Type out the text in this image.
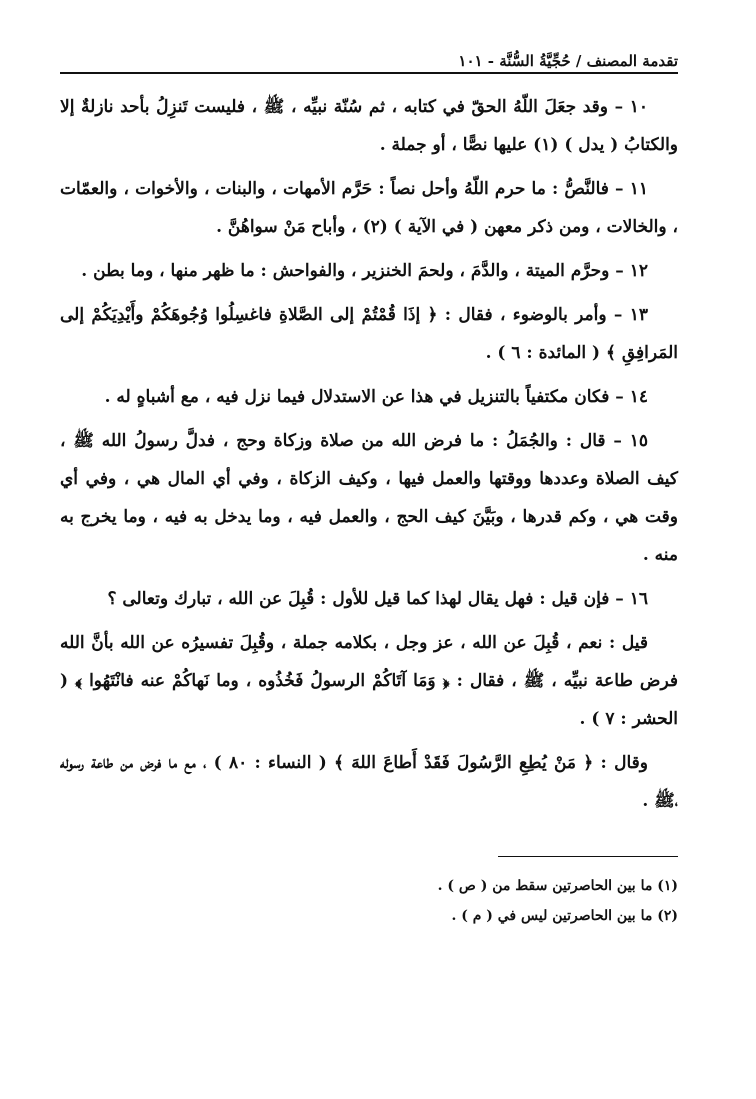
تقدمة المصنف / حُجِّيَّةُ السُّنَّة - ١٠١

١٠ – وقد جعَلَ اللّهُ الحقّ في كتابه ، ثم سُنّة نبيِّه ، ﷺ ، فليست تَنزِلُ بأحد نازلةٌ إلا والكتابُ ( يدل ) (١) عليها نصًّا ، أو جملة .

١١ – فالنَّصُّ : ما حرم اللّهُ وأحل نصاً : حَرَّم الأمهات ، والبنات ، والأخوات ، والعمّات ، والخالات ، ومن ذكر معهن ( في الآية ) (٢) ، وأباح مَنْ سواهُنَّ .

١٢ – وحرَّم الميتة ، والدَّمَ ، ولحمَ الخنزير ، والفواحش : ما ظهر منها ، وما بطن .

١٣ – وأمر بالوضوء ، فقال : ﴿ إذَا قُمْتُمْ إلى الصَّلاةِ فاغسِلُوا وُجُوهَكُمْ وأَيْدِيَكُمْ إلى المَرافِقِ ﴾ ( المائدة : ٦ ) .

١٤ – فكان مكتفياً بالتنزيل في هذا عن الاستدلال فيما نزل فيه ، مع أشباهٍ له .

١٥ – قال : والجُمَلُ : ما فرض الله من صلاة وزكاة وحج ، فدلَّ رسولُ الله ﷺ ، كيف الصلاة وعددها ووقتها والعمل فيها ، وكيف الزكاة ، وفي أي المال هي ، وفي أي وقت هي ، وكم قدرها ، وبَيَّنَ كيف الحج ، والعمل فيه ، وما يدخل به فيه ، وما يخرج به منه .

١٦ – فإن قيل : فهل يقال لهذا كما قيل للأول : قُبِلَ عن الله ، تبارك وتعالى ؟

قيل : نعم ، قُبِلَ عن الله ، عز وجل ، بكلامه جملة ، وقُبِلَ تفسيرُه عن الله بأنَّ الله فرض طاعة نبيِّه ، ﷺ ، فقال : ﴿ وَمَا آتَاكُمْ الرسولُ فَخُذُوه ، وما نَهاكُمْ عنه فانْتَهُوا ﴾ ( الحشر : ٧ ) .

وقال : ﴿ مَنْ يُطِعِ الرَّسُولَ فَقَدْ أَطاعَ اللهَ ﴾ ( النساء : ٨٠ ) ، مع ما فرض من طاعة رسوله ،ﷺ .

(١) ما بين الحاصرتين سقط من ( ص ) .
(٢) ما بين الحاصرتين ليس في ( م ) .
